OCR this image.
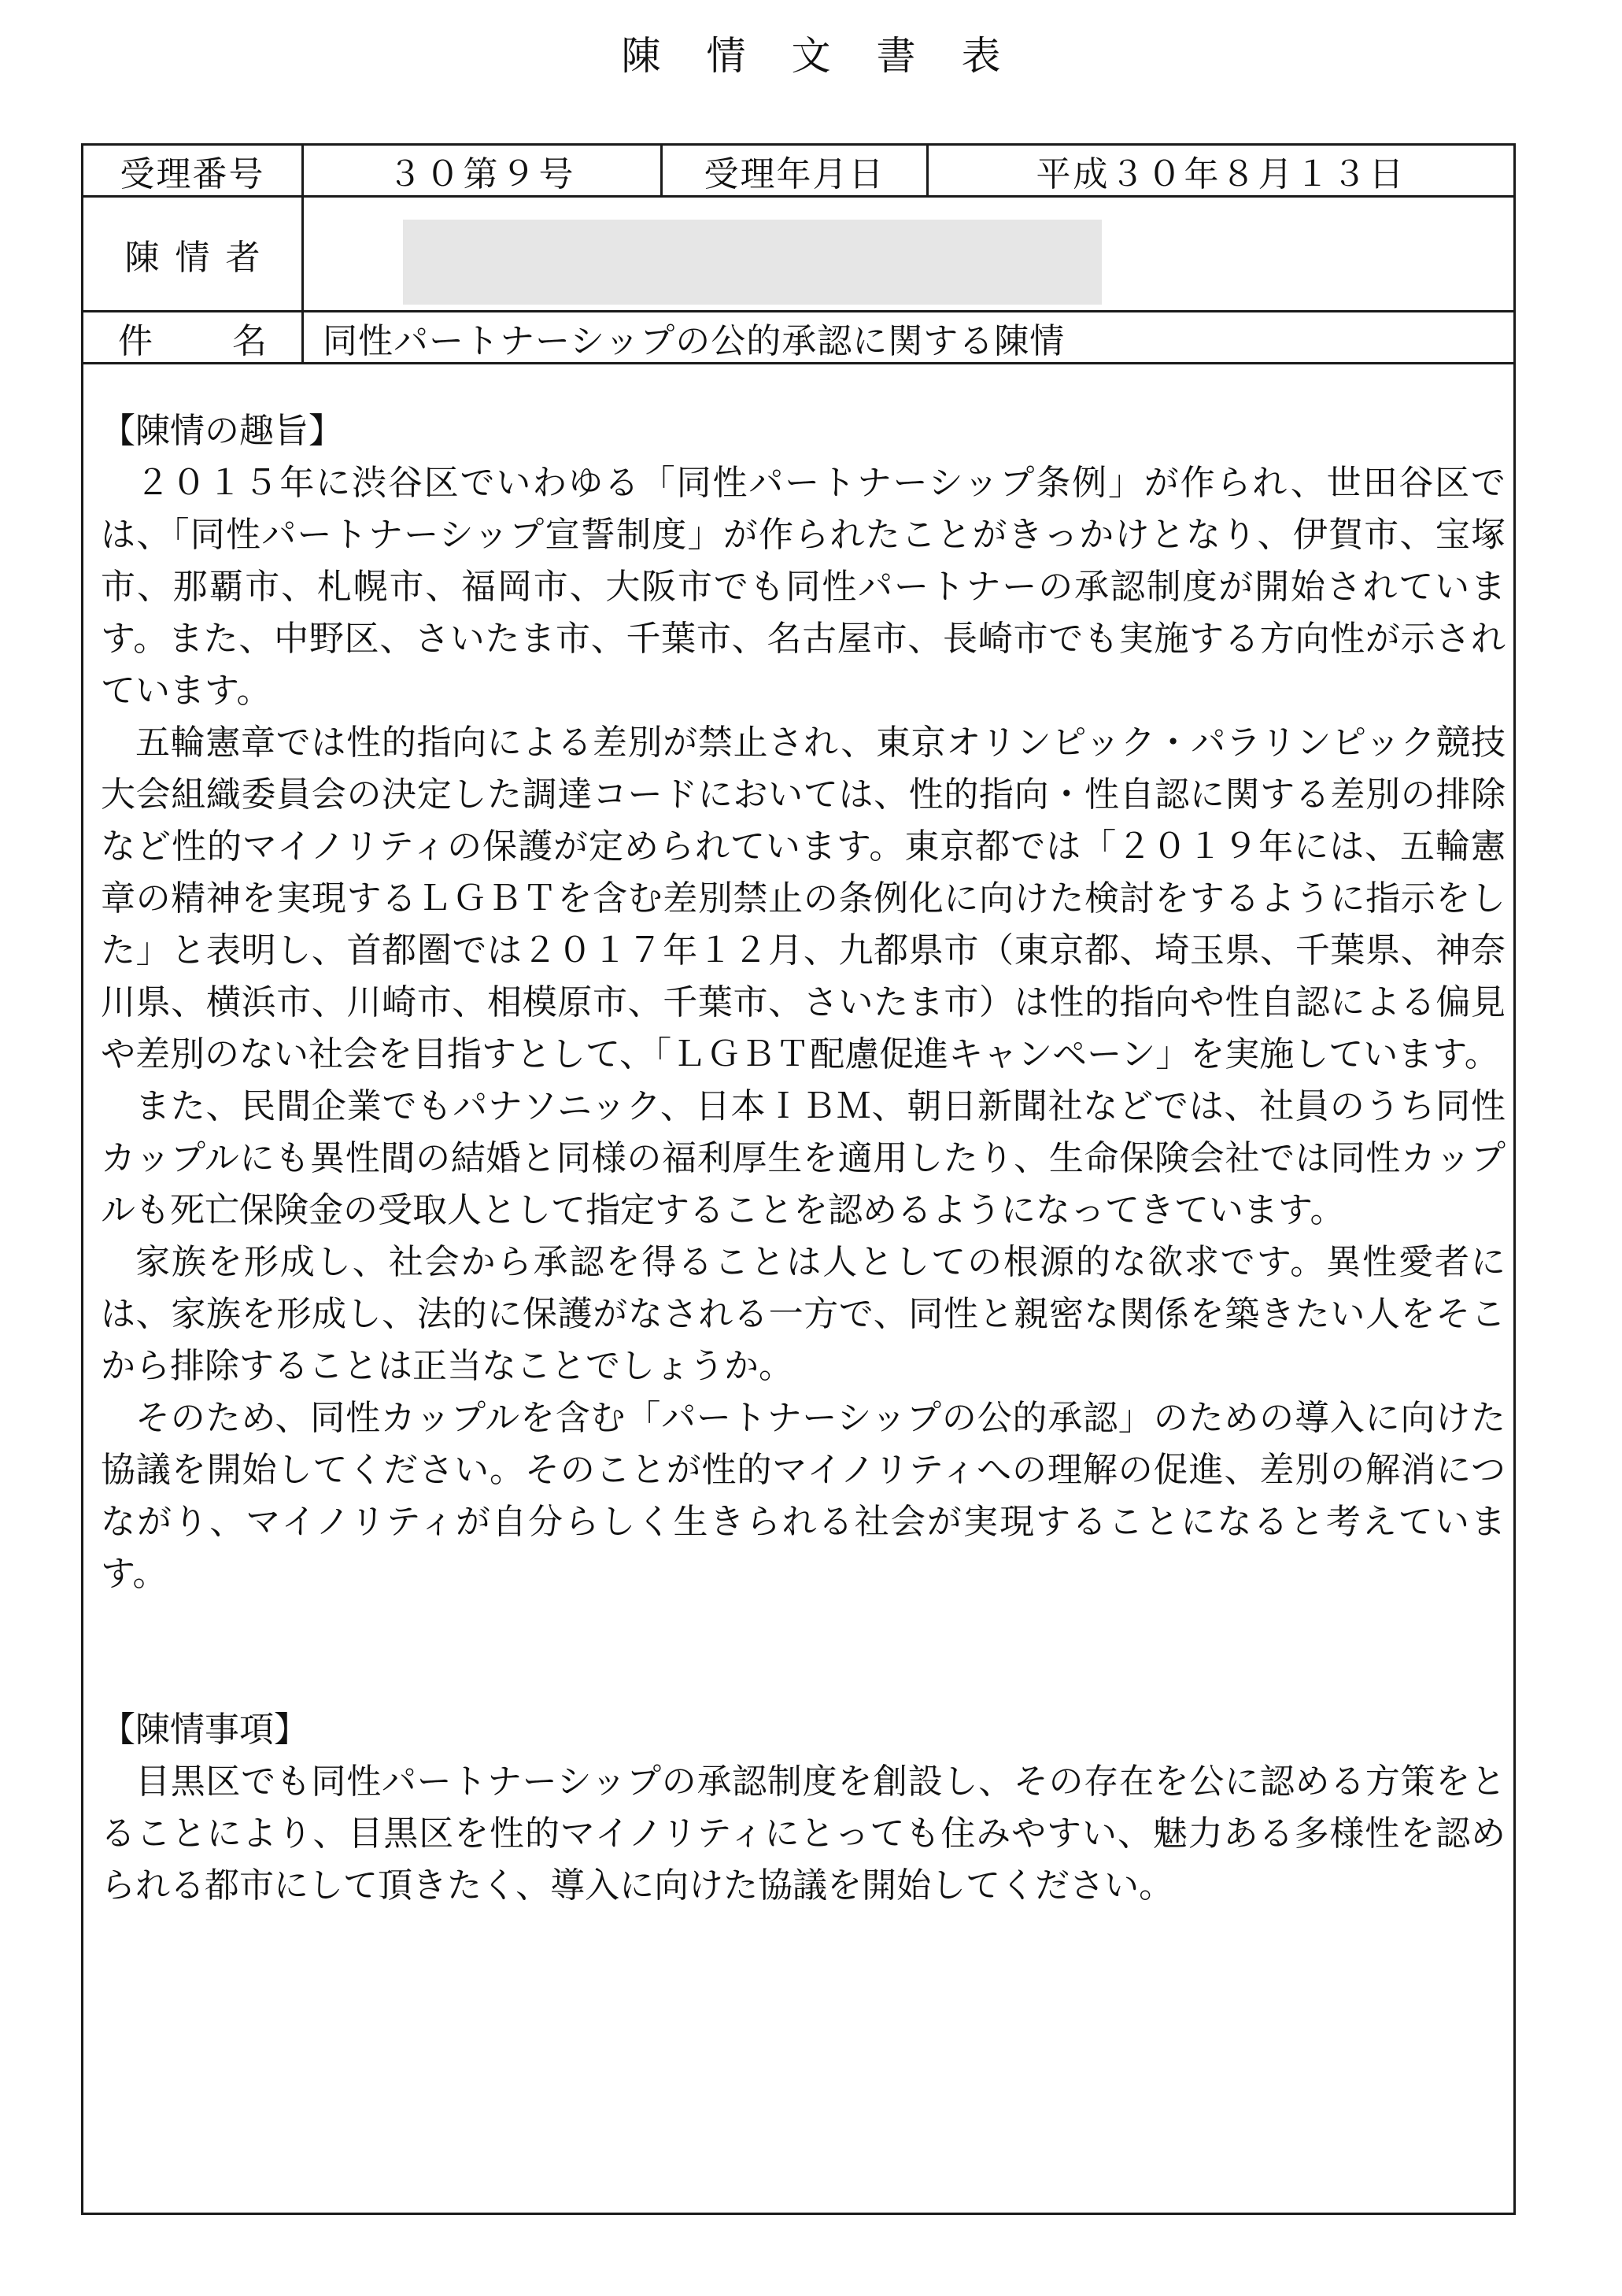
陳情文書表
受理番号	３０第９号	受理年月日	平成３０年８月１３日
陳情者
件 名	同性パートナーシップの公的承認に関する陳情
【陳情の趣旨】

２０１５年に渋谷区でいわゆる「同性パートナーシップ条例」が作られ、世田谷区では、「同性パートナーシップ宣誓制度」が作られたことがきっかけとなり、伊賀市、宝塚市、那覇市、札幌市、福岡市、大阪市でも同性パートナーの承認制度が開始されています。また、中野区、さいたま市、千葉市、名古屋市、長崎市でも実施する方向性が示されています。

五輪憲章では性的指向による差別が禁止され、東京オリンピック・パラリンピック競技大会組織委員会の決定した調達コードにおいては、性的指向・性自認に関する差別の排除など性的マイノリティの保護が定められています。東京都では「２０１９年には、五輪憲章の精神を実現するＬＧＢＴを含む差別禁止の条例化に向けた検討をするように指示をした」と表明し、首都圏では２０１７年１２月、九都県市（東京都、埼玉県、千葉県、神奈川県、横浜市、川崎市、相模原市、千葉市、さいたま市）は性的指向や性自認による偏見や差別のない社会を目指すとして、「ＬＧＢＴ配慮促進キャンペーン」を実施しています。

また、民間企業でもパナソニック、日本ＩＢＭ、朝日新聞社などでは、社員のうち同性カップルにも異性間の結婚と同様の福利厚生を適用したり、生命保険会社では同性カップルも死亡保険金の受取人として指定することを認めるようになってきています。

家族を形成し、社会から承認を得ることは人としての根源的な欲求です。異性愛者には、家族を形成し、法的に保護がなされる一方で、同性と親密な関係を築きたい人をそこから排除することは正当なことでしょうか。

そのため、同性カップルを含む「パートナーシップの公的承認」のための導入に向けた協議を開始してください。そのことが性的マイノリティへの理解の促進、差別の解消につながり、マイノリティが自分らしく生きられる社会が実現することになると考えています。

【陳情事項】

目黒区でも同性パートナーシップの承認制度を創設し、その存在を公に認める方策をとることにより、目黒区を性的マイノリティにとっても住みやすい、魅力ある多様性を認められる都市にして頂きたく、導入に向けた協議を開始してください。
